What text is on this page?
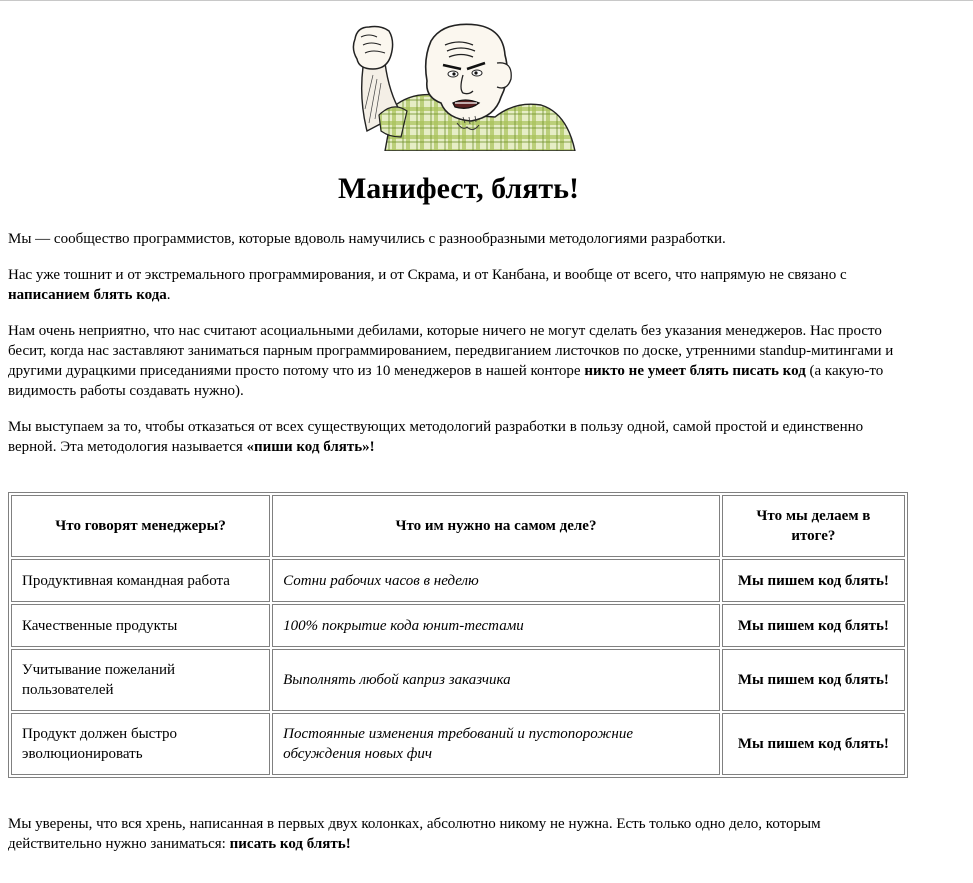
Манифест, блять!

Мы — сообщество программистов, которые вдоволь намучились с разнообразными методологиями разработки.

Нас уже тошнит и от экстремального программирования, и от Скрама, и от Канбана, и вообще от всего, что напрямую не связано с написанием блять кода.

Нам очень неприятно, что нас считают асоциальными дебилами, которые ничего не могут сделать без указания менеджеров. Нас просто бесит, когда нас заставляют заниматься парным программированием, передвиганием листочков по доске, утренними standup-митингами и другими дурацкими приседаниями просто потому что из 10 менеджеров в нашей конторе никто не умеет блять писать код (а какую-то видимость работы создавать нужно).

Мы выступаем за то, чтобы отказаться от всех существующих методологий разработки в пользу одной, самой простой и единственно верной. Эта методология называется «пиши код блять»!

Что говорят менеджеры?	Что им нужно на самом деле?	Что мы делаем в итоге?
Продуктивная командная работа	Сотни рабочих часов в неделю	Мы пишем код блять!
Качественные продукты	100% покрытие кода юнит-тестами	Мы пишем код блять!
Учитывание пожеланий пользователей	Выполнять любой каприз заказчика	Мы пишем код блять!
Продукт должен быстро эволюционировать	Постоянные изменения требований и пустопорожние обсуждения новых фич	Мы пишем код блять!

Мы уверены, что вся хрень, написанная в первых двух колонках, абсолютно никому не нужна. Есть только одно дело, которым действительно нужно заниматься: писать код блять!
